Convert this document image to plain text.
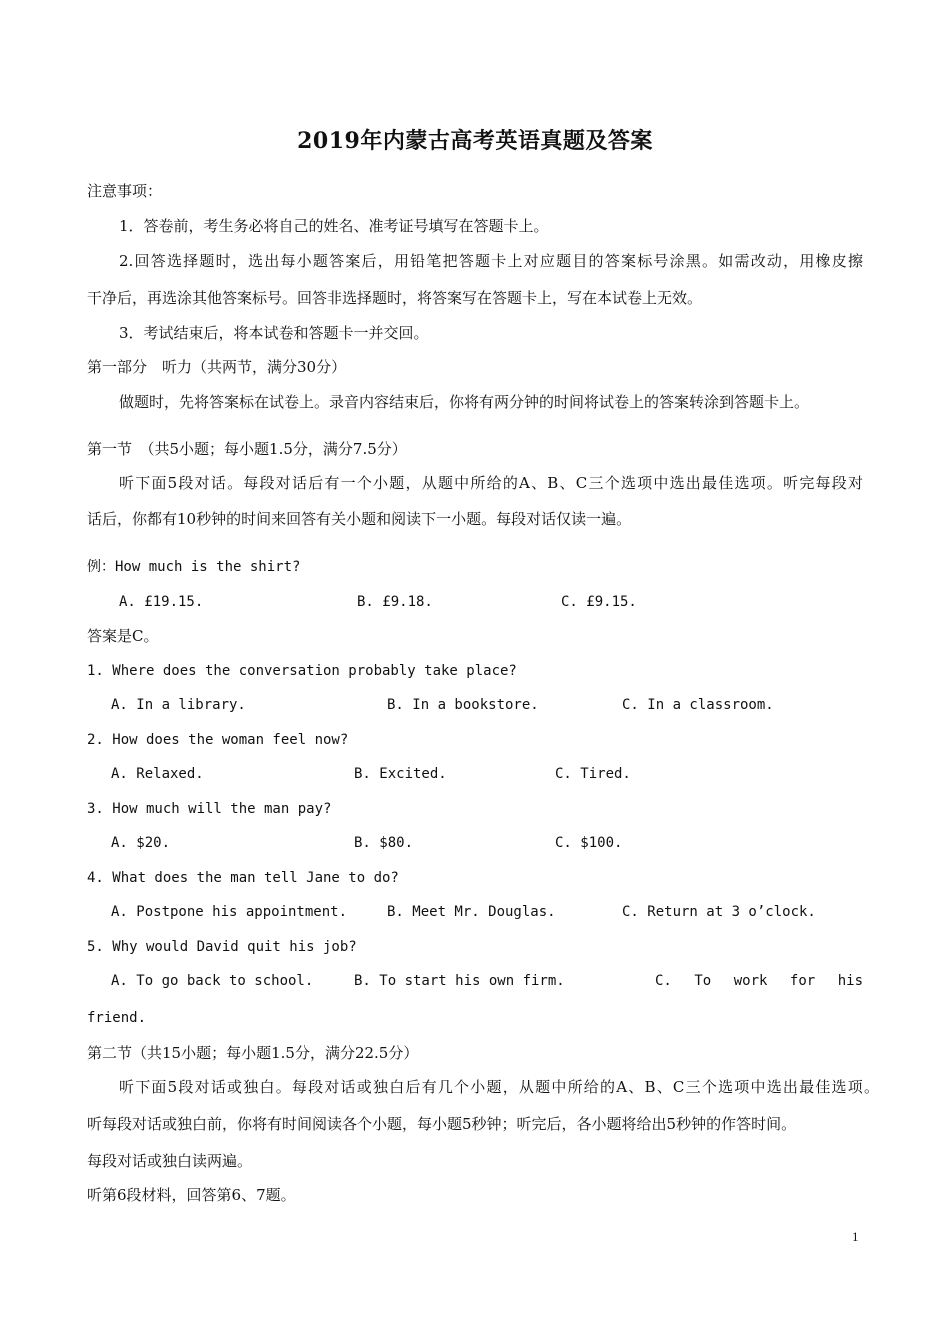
2019年内蒙古高考英语真题及答案
注意事项：
1．答卷前，考生务必将自己的姓名、准考证号填写在答题卡上。
2.回答选择题时，选出每小题答案后，用铅笔把答题卡上对应题目的答案标号涂黑。如需改动，用橡皮擦
干净后，再选涂其他答案标号。回答非选择题时，将答案写在答题卡上，写在本试卷上无效。
3．考试结束后，将本试卷和答题卡一并交回。
第一部分　听力（共两节，满分30分）
做题时，先将答案标在试卷上。录音内容结束后，你将有两分钟的时间将试卷上的答案转涂到答题卡上。
第一节　（共5小题；每小题1.5分，满分7.5分）
听下面5段对话。每段对话后有一个小题，从题中所给的A、B、C三个选项中选出最佳选项。听完每段对
话后，你都有10秒钟的时间来回答有关小题和阅读下一小题。每段对话仅读一遍。
例：How much is the shirt?
A. £19.15.	B. £9.18.	C. £9.15.
答案是C。
1. Where does the conversation probably take place?
A. In a library.	B. In a bookstore.	C. In a classroom.
2. How does the woman feel now?
A. Relaxed.	B. Excited.	C. Tired.
3. How much will the man pay?
A. $20.	B. $80.	C. $100.
4. What does the man tell Jane to do?
A. Postpone his appointment.	B. Meet Mr. Douglas.	C. Return at 3 o’clock.
5. Why would David quit his job?
A. To go back to school.	B. To start his own firm.	C. To work for his
friend.
第二节（共15小题；每小题1.5分，满分22.5分）
听下面5段对话或独白。每段对话或独白后有几个小题，从题中所给的A、B、C三个选项中选出最佳选项。
听每段对话或独白前，你将有时间阅读各个小题，每小题5秒钟；听完后，各小题将给出5秒钟的作答时间。
每段对话或独白读两遍。
听第6段材料，回答第6、7题。
1
